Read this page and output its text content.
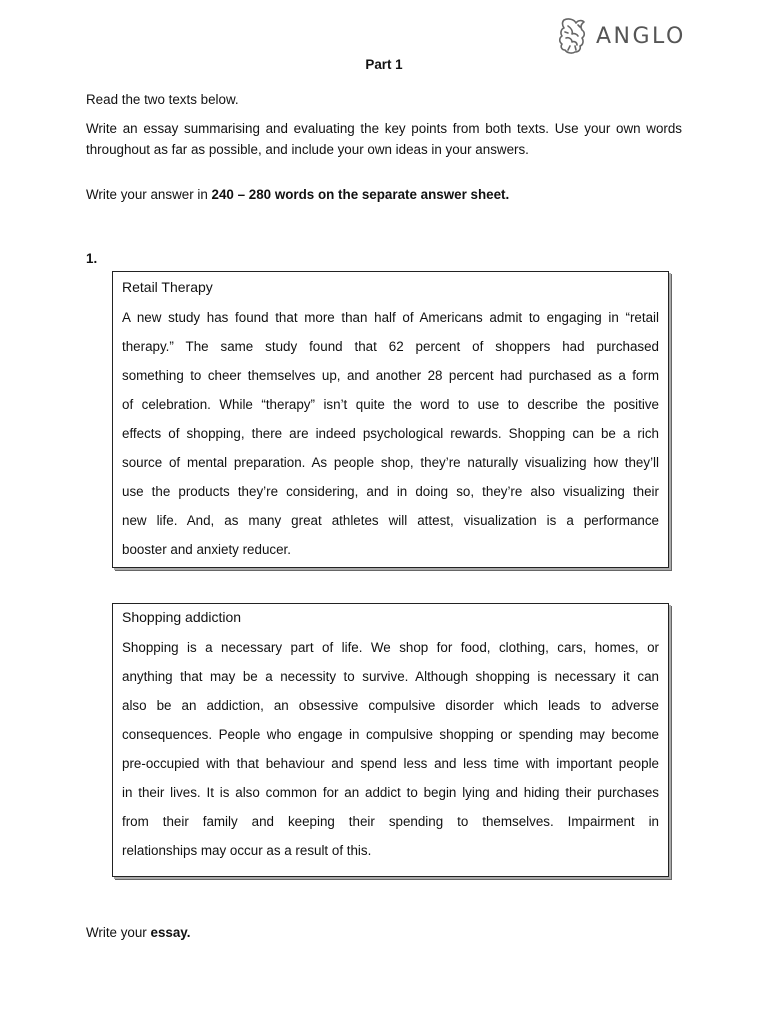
ANGLO
Part 1
Read the two texts below.
Write an essay summarising and evaluating the key points from both texts. Use your own words throughout as far as possible, and include your own ideas in your answers.
Write your answer in 240 – 280 words on the separate answer sheet.
1.
Retail Therapy
A new study has found that more than half of Americans admit to engaging in “retail
therapy.” The same study found that 62 percent of shoppers had purchased
something to cheer themselves up, and another 28 percent had purchased as a form
of celebration. While “therapy” isn’t quite the word to use to describe the positive
effects of shopping, there are indeed psychological rewards. Shopping can be a rich
source of mental preparation. As people shop, they’re naturally visualizing how they’ll
use the products they’re considering, and in doing so, they’re also visualizing their
new life. And, as many great athletes will attest, visualization is a performance
booster and anxiety reducer.
Shopping addiction
Shopping is a necessary part of life. We shop for food, clothing, cars, homes, or
anything that may be a necessity to survive. Although shopping is necessary it can
also be an addiction, an obsessive compulsive disorder which leads to adverse
consequences. People who engage in compulsive shopping or spending may become
pre-occupied with that behaviour and spend less and less time with important people
in their lives. It is also common for an addict to begin lying and hiding their purchases
from their family and keeping their spending to themselves. Impairment in
relationships may occur as a result of this.
Write your essay.
